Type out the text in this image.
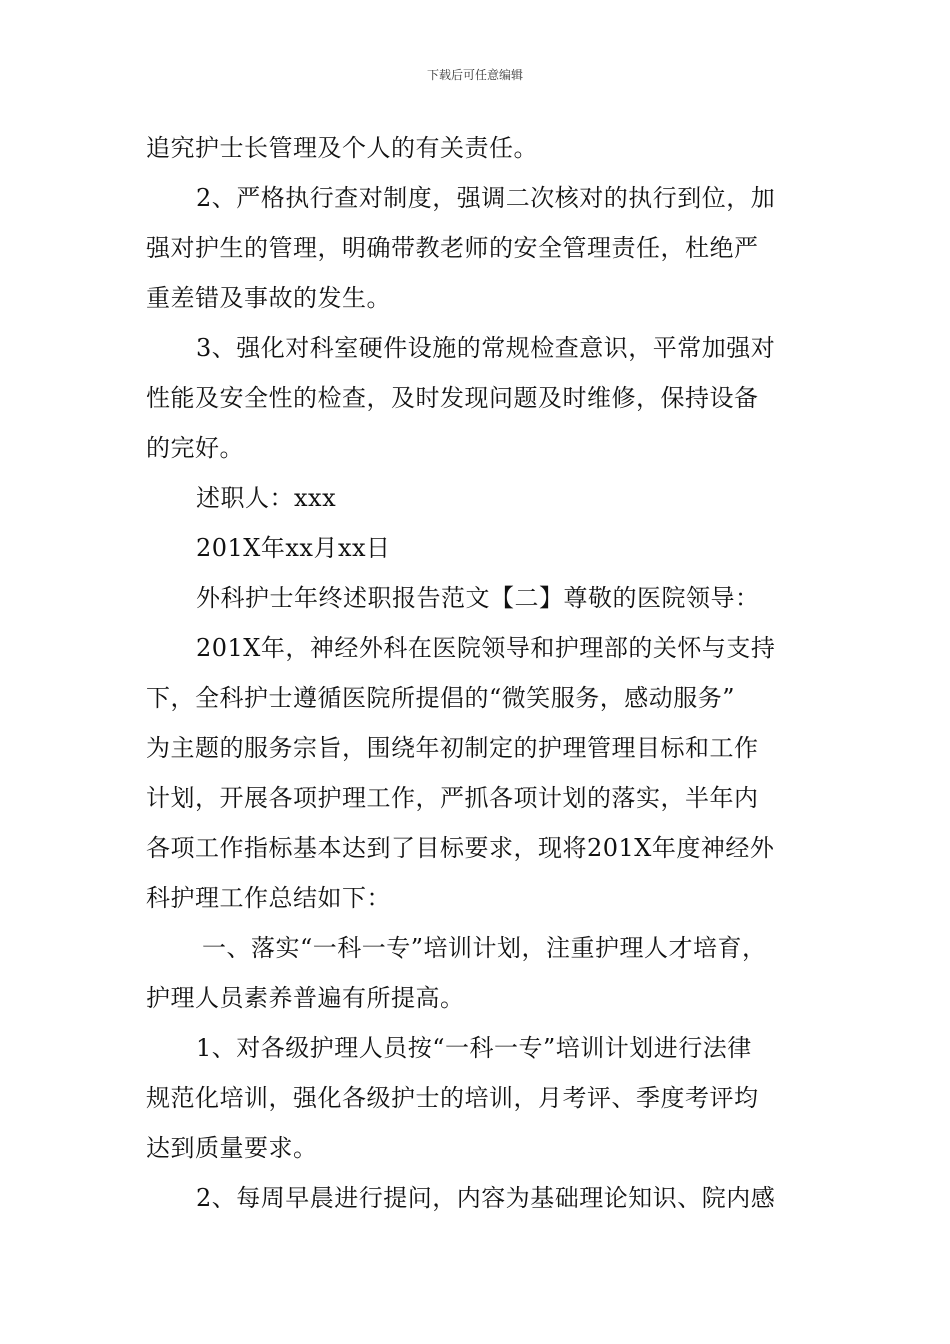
下载后可任意编辑
追究护士长管理及个人的有关责任。
2、严格执行查对制度，强调二次核对的执行到位，加
强对护生的管理，明确带教老师的安全管理责任，杜绝严
重差错及事故的发生。
3、强化对科室硬件设施的常规检查意识，平常加强对
性能及安全性的检查，及时发现问题及时维修，保持设备
的完好。
述职人：xxx
201X年xx月xx日
外科护士年终述职报告范文【二】尊敬的医院领导：
201X年，神经外科在医院领导和护理部的关怀与支持
下，全科护士遵循医院所提倡的“微笑服务，感动服务”
为主题的服务宗旨，围绕年初制定的护理管理目标和工作
计划，开展各项护理工作，严抓各项计划的落实，半年内
各项工作指标基本达到了目标要求，现将201X年度神经外
科护理工作总结如下：
一、落实“一科一专”培训计划，注重护理人才培育，
护理人员素养普遍有所提高。
1、对各级护理人员按“一科一专”培训计划进行法律
规范化培训，强化各级护士的培训，月考评、季度考评均
达到质量要求。
2、每周早晨进行提问，内容为基础理论知识、院内感
